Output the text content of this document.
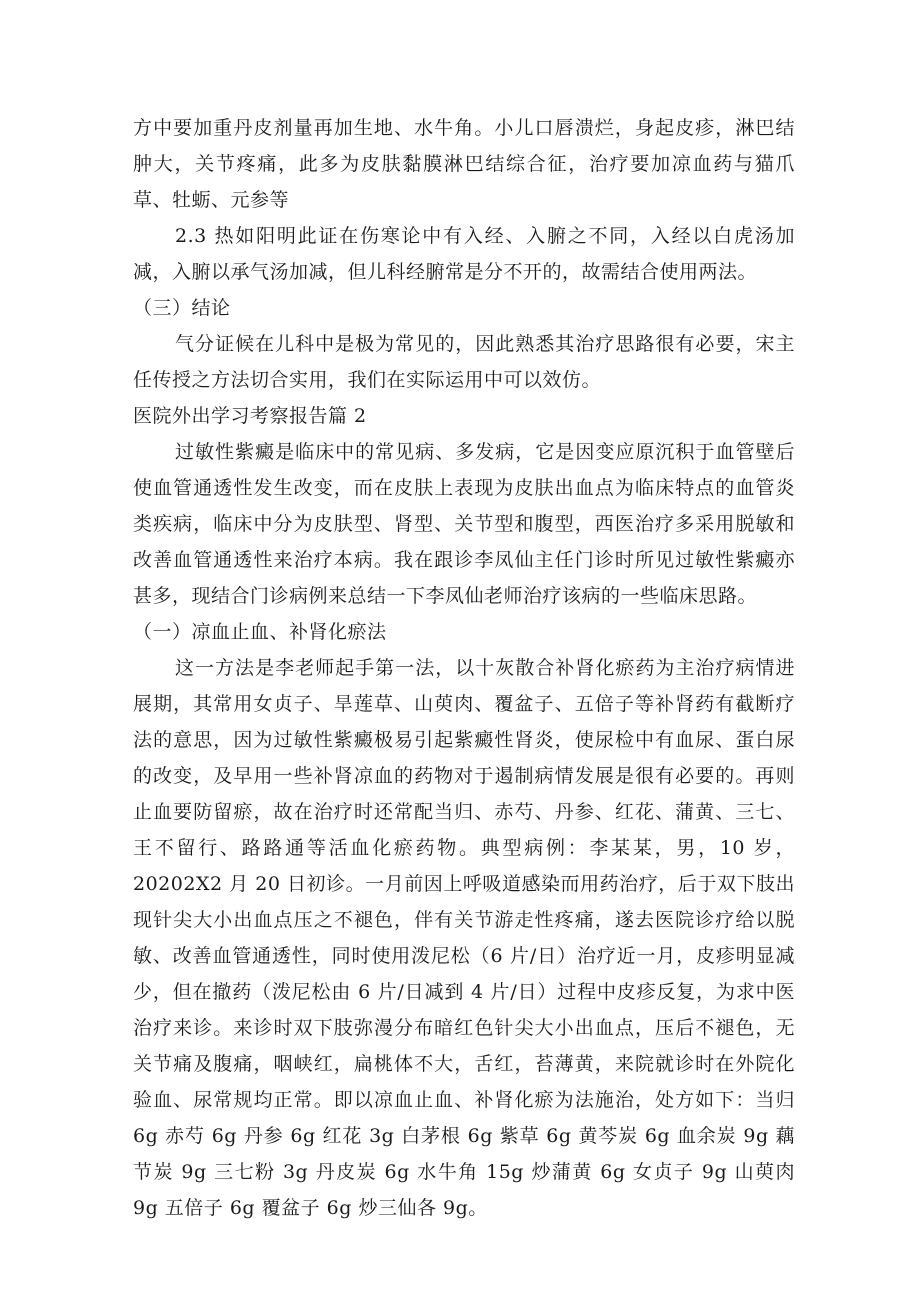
方中要加重丹皮剂量再加生地、水牛角。小儿口唇溃烂，身起皮疹，淋巴结肿大，关节疼痛，此多为皮肤黏膜淋巴结综合征，治疗要加凉血药与猫爪草、牡蛎、元参等

2.3 热如阳明此证在伤寒论中有入经、入腑之不同，入经以白虎汤加减，入腑以承气汤加减，但儿科经腑常是分不开的，故需结合使用两法。

（三）结论

气分证候在儿科中是极为常见的，因此熟悉其治疗思路很有必要，宋主任传授之方法切合实用，我们在实际运用中可以效仿。

医院外出学习考察报告篇 2

过敏性紫癜是临床中的常见病、多发病，它是因变应原沉积于血管壁后使血管通透性发生改变，而在皮肤上表现为皮肤出血点为临床特点的血管炎类疾病，临床中分为皮肤型、肾型、关节型和腹型，西医治疗多采用脱敏和改善血管通透性来治疗本病。我在跟诊李凤仙主任门诊时所见过敏性紫癜亦甚多，现结合门诊病例来总结一下李凤仙老师治疗该病的一些临床思路。

（一）凉血止血、补肾化瘀法

这一方法是李老师起手第一法，以十灰散合补肾化瘀药为主治疗病情进展期，其常用女贞子、旱莲草、山萸肉、覆盆子、五倍子等补肾药有截断疗法的意思，因为过敏性紫癜极易引起紫癜性肾炎，使尿检中有血尿、蛋白尿的改变，及早用一些补肾凉血的药物对于遏制病情发展是很有必要的。再则止血要防留瘀，故在治疗时还常配当归、赤芍、丹参、红花、蒲黄、三七、王不留行、路路通等活血化瘀药物。典型病例：李某某，男，10 岁，20202X2 月 20 日初诊。一月前因上呼吸道感染而用药治疗，后于双下肢出现针尖大小出血点压之不褪色，伴有关节游走性疼痛，遂去医院诊疗给以脱敏、改善血管通透性，同时使用泼尼松（6 片/日）治疗近一月，皮疹明显减少，但在撤药（泼尼松由 6 片/日减到 4 片/日）过程中皮疹反复，为求中医治疗来诊。来诊时双下肢弥漫分布暗红色针尖大小出血点，压后不褪色，无关节痛及腹痛，咽峡红，扁桃体不大，舌红，苔薄黄，来院就诊时在外院化验血、尿常规均正常。即以凉血止血、补肾化瘀为法施治，处方如下：当归 6g 赤芍 6g 丹参 6g 红花 3g 白茅根 6g 紫草 6g 黄芩炭 6g 血余炭 9g 藕节炭 9g 三七粉 3g 丹皮炭 6g 水牛角 15g 炒蒲黄 6g 女贞子 9g 山萸肉 9g 五倍子 6g 覆盆子 6g 炒三仙各 9g。
